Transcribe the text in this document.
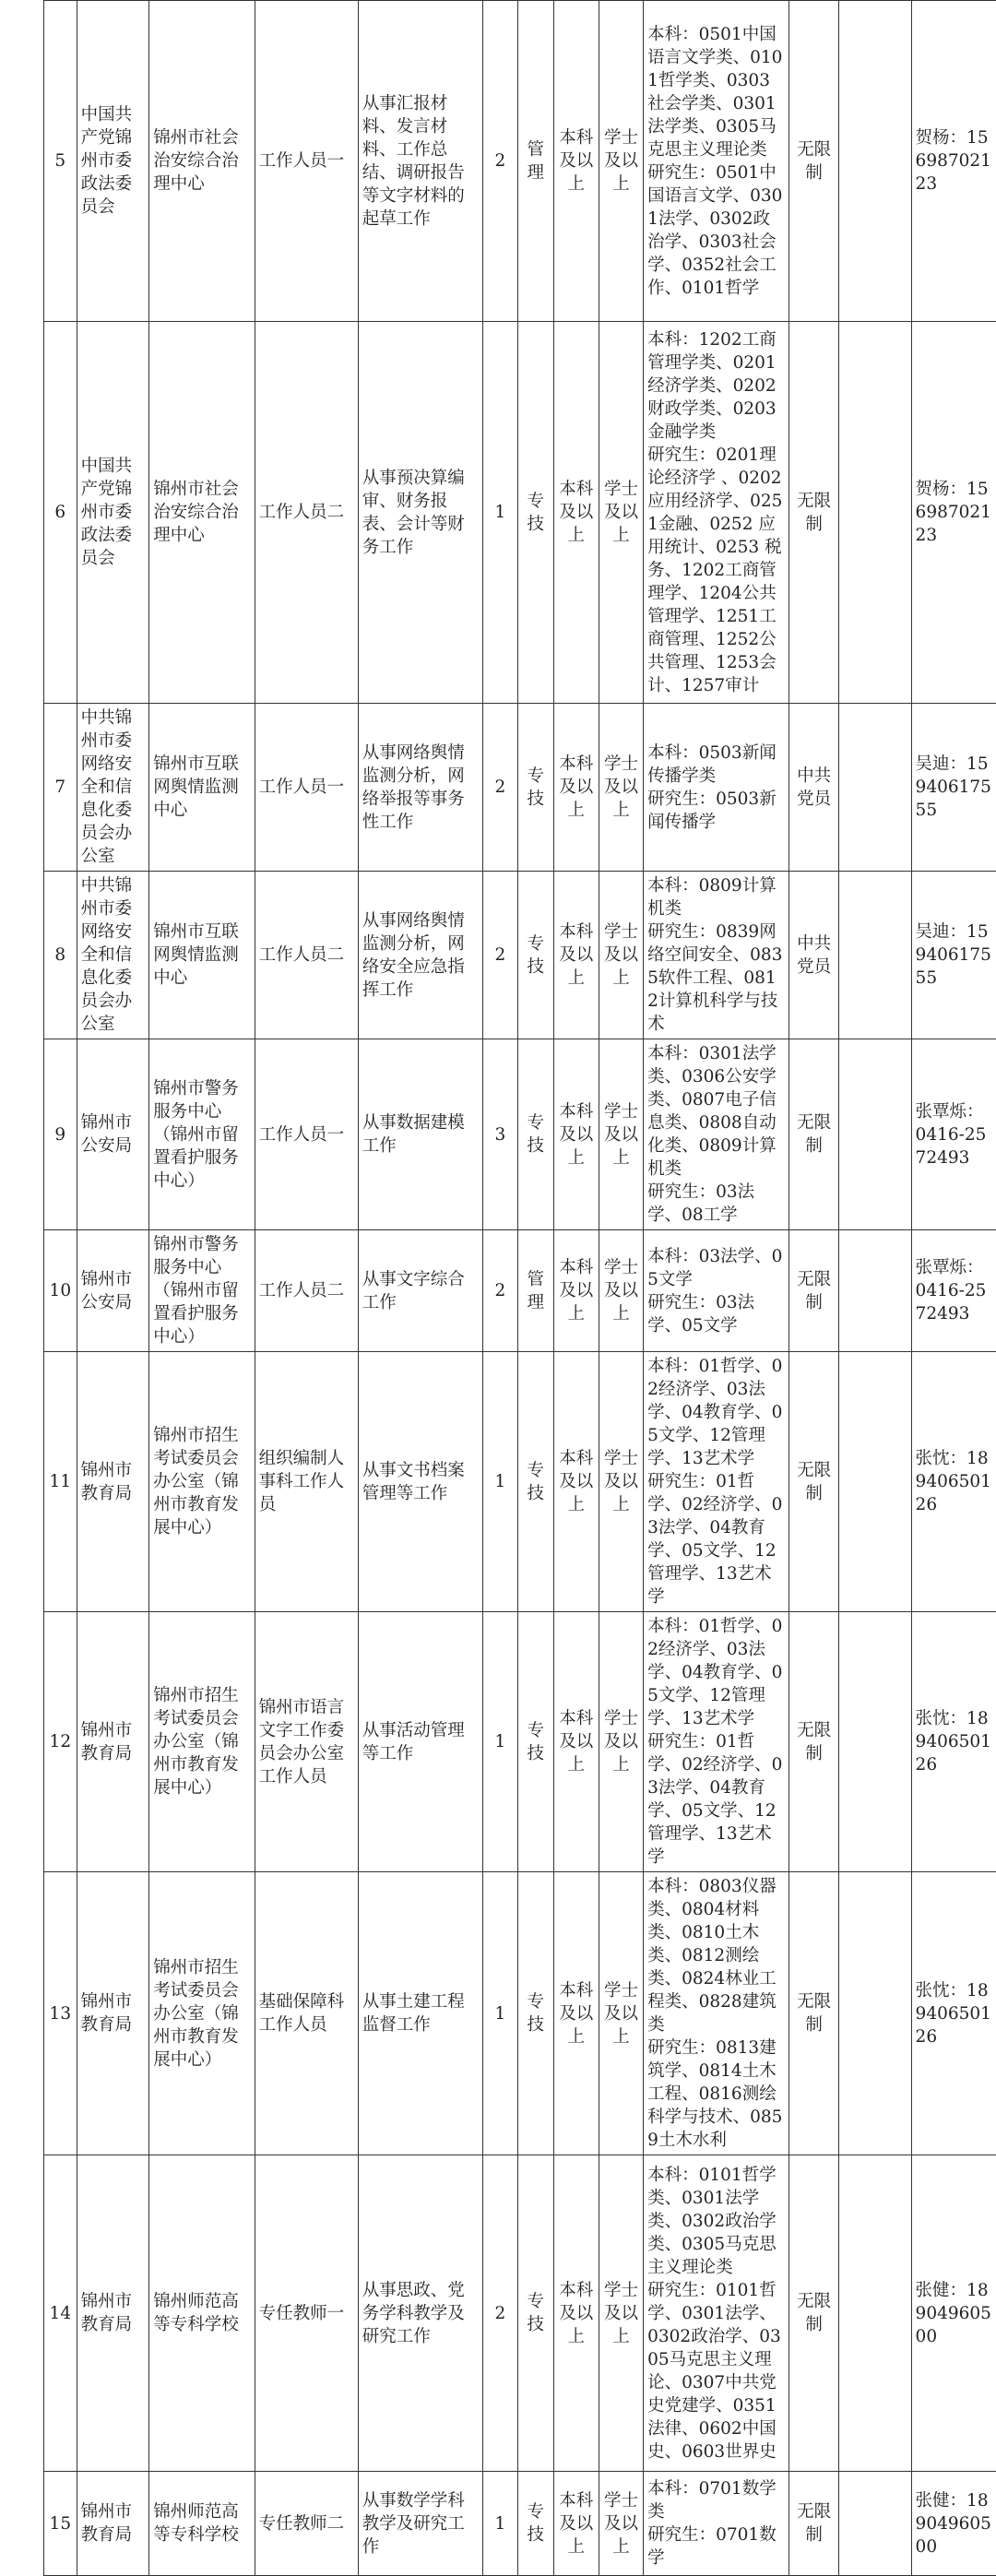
5	中国共产党锦州市委政法委员会	锦州市社会治安综合治理中心	工作人员一	从事汇报材料、发言材料、工作总结、调研报告等文字材料的起草工作	2	管理	本科及以上	学士及以上	本科：0501中国语言文学类、0101哲学类、0303社会学类、0301法学类、0305马克思主义理论类
研究生：0501中国语言文学、0301法学、0302政治学、0303社会学、0352社会工作、0101哲学	无限制		贺杨：15698702123
6	中国共产党锦州市委政法委员会	锦州市社会治安综合治理中心	工作人员二	从事预决算编审、财务报表、会计等财务工作	1	专技	本科及以上	学士及以上	本科：1202工商管理学类、0201经济学类、0202财政学类、0203金融学类
研究生：0201理论经济学 、0202应用经济学、0251金融、0252 应用统计、0253 税务、1202工商管理学、1204公共管理学、1251工商管理、1252公共管理、1253会计、1257审计	无限制		贺杨：15698702123
7	中共锦州市委网络安全和信息化委员会办公室	锦州市互联网舆情监测中心	工作人员一	从事网络舆情监测分析，网络举报等事务性工作	2	专技	本科及以上	学士及以上	本科：0503新闻传播学类
研究生：0503新闻传播学	中共党员		吴迪：15940617555
8	中共锦州市委网络安全和信息化委员会办公室	锦州市互联网舆情监测中心	工作人员二	从事网络舆情监测分析，网络安全应急指挥工作	2	专技	本科及以上	学士及以上	本科：0809计算机类
研究生：0839网络空间安全、0835软件工程、0812计算机科学与技术	中共党员		吴迪：15940617555
9	锦州市公安局	锦州市警务服务中心（锦州市留置看护服务中心）	工作人员一	从事数据建模工作	3	专技	本科及以上	学士及以上	本科：0301法学类、0306公安学类、0807电子信息类、0808自动化类、0809计算机类
研究生：03法学、08工学	无限制		张覃烁：0416-2572493
10	锦州市公安局	锦州市警务服务中心（锦州市留置看护服务中心）	工作人员二	从事文字综合工作	2	管理	本科及以上	学士及以上	本科：03法学、05文学
研究生：03法学、05文学	无限制		张覃烁：0416-2572493
11	锦州市教育局	锦州市招生考试委员会办公室（锦州市教育发展中心）	组织编制人事科工作人员	从事文书档案管理等工作	1	专技	本科及以上	学士及以上	本科：01哲学、02经济学、03法学、04教育学、05文学、12管理学、13艺术学
研究生：01哲学、02经济学、03法学、04教育学、05文学、12管理学、13艺术学	无限制		张忱：18940650126
12	锦州市教育局	锦州市招生考试委员会办公室（锦州市教育发展中心）	锦州市语言文字工作委员会办公室工作人员	从事活动管理等工作	1	专技	本科及以上	学士及以上	本科：01哲学、02经济学、03法学、04教育学、05文学、12管理学、13艺术学
研究生：01哲学、02经济学、03法学、04教育学、05文学、12管理学、13艺术学	无限制		张忱：18940650126
13	锦州市教育局	锦州市招生考试委员会办公室（锦州市教育发展中心）	基础保障科工作人员	从事土建工程监督工作	1	专技	本科及以上	学士及以上	本科：0803仪器类、0804材料类、0810土木类、0812测绘类、0824林业工程类、0828建筑类
研究生：0813建筑学、0814土木工程、0816测绘科学与技术、0859土木水利	无限制		张忱：18940650126
14	锦州市教育局	锦州师范高等专科学校	专任教师一	从事思政、党务学科教学及研究工作	2	专技	本科及以上	学士及以上	本科：0101哲学类、0301法学类、0302政治学类、0305马克思主义理论类
研究生：0101哲学、0301法学、0302政治学、0305马克思主义理论、0307中共党史党建学、0351法律、0602中国史、0603世界史	无限制		张健：18904960500
15	锦州市教育局	锦州师范高等专科学校	专任教师二	从事数学学科教学及研究工作	1	专技	本科及以上	学士及以上	本科：0701数学类
研究生：0701数学	无限制		张健：18904960500
